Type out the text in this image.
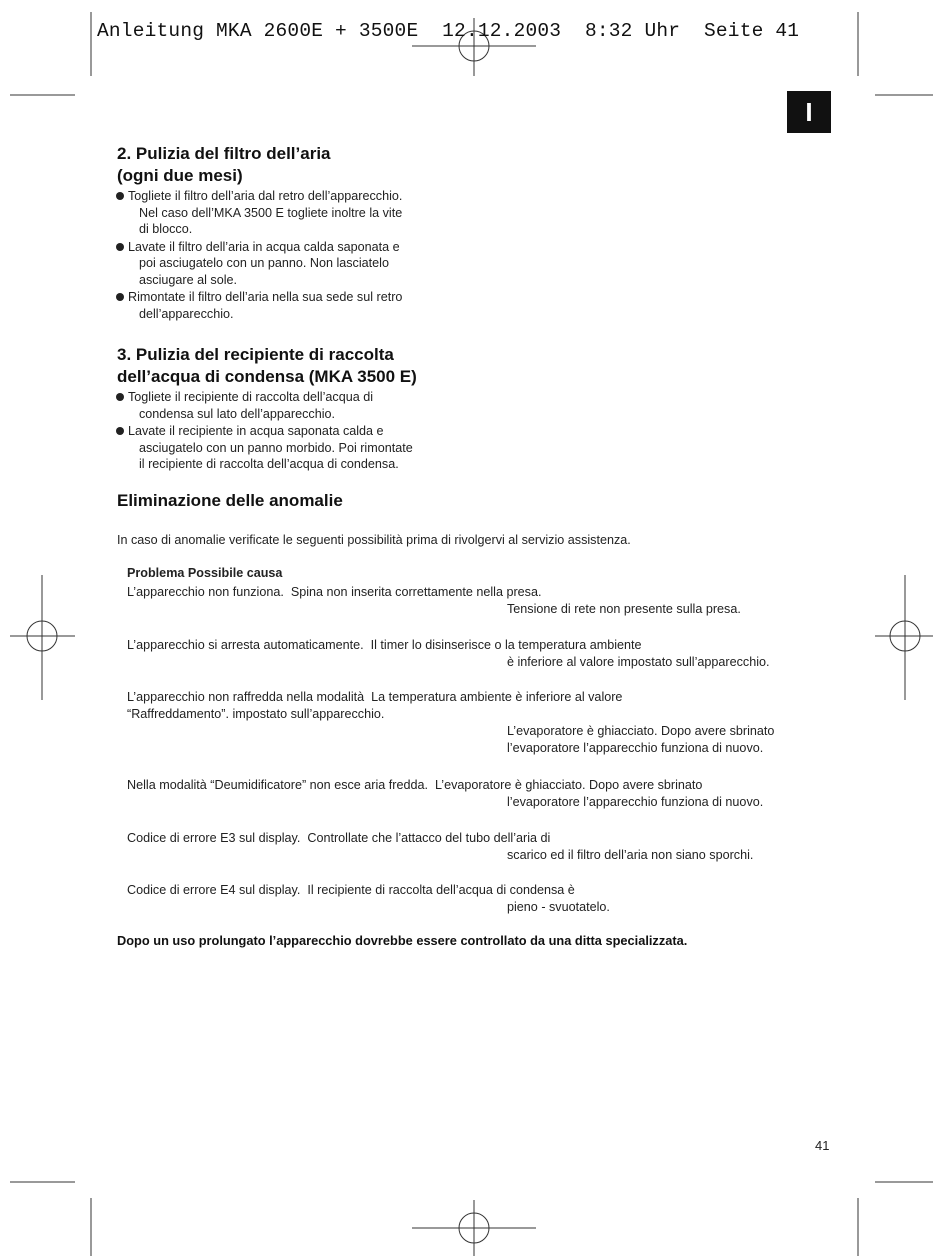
Anleitung MKA 2600E + 3500E  12.12.2003  8:32 Uhr  Seite 41
I
2. Pulizia del filtro dell’aria
(ogni due mesi)
Togliete il filtro dell’aria dal retro dell’apparecchio.
Nel caso dell’MKA 3500 E togliete inoltre la vite
di blocco.
Lavate il filtro dell’aria in acqua calda saponata e
poi asciugatelo con un panno. Non lasciatelo
asciugare al sole.
Rimontate il filtro dell’aria nella sua sede sul retro
dell’apparecchio.
3. Pulizia del recipiente di raccolta
dell’acqua di condensa (MKA 3500 E)
Togliete il recipiente di raccolta dell’acqua di
condensa sul lato dell’apparecchio.
Lavate il recipiente in acqua saponata calda e
asciugatelo con un panno morbido. Poi rimontate
il recipiente di raccolta dell’acqua di condensa.
Eliminazione delle anomalie
In caso di anomalie verificate le seguenti possibilità prima di rivolgervi al servizio assistenza.
Problema Possibile causa
L’apparecchio non funziona. Spina non inserita correttamente nella presa.
Tensione di rete non presente sulla presa.
L’apparecchio si arresta automaticamente. Il timer lo disinserisce o la temperatura ambiente
è inferiore al valore impostato sull’apparecchio.
L’apparecchio non raffredda nella modalità La temperatura ambiente è inferiore al valore
“Raffreddamento”. impostato sull’apparecchio.
L’evaporatore è ghiacciato. Dopo avere sbrinato
l’evaporatore l’apparecchio funziona di nuovo.
Nella modalità “Deumidificatore” non esce aria fredda. L’evaporatore è ghiacciato. Dopo avere sbrinato
l’evaporatore l’apparecchio funziona di nuovo.
Codice di errore E3 sul display. Controllate che l’attacco del tubo dell’aria di
scarico ed il filtro dell’aria non siano sporchi.
Codice di errore E4 sul display. Il recipiente di raccolta dell’acqua di condensa è
pieno - svuotatelo.
Dopo un uso prolungato l’apparecchio dovrebbe essere controllato da una ditta specializzata.
41
